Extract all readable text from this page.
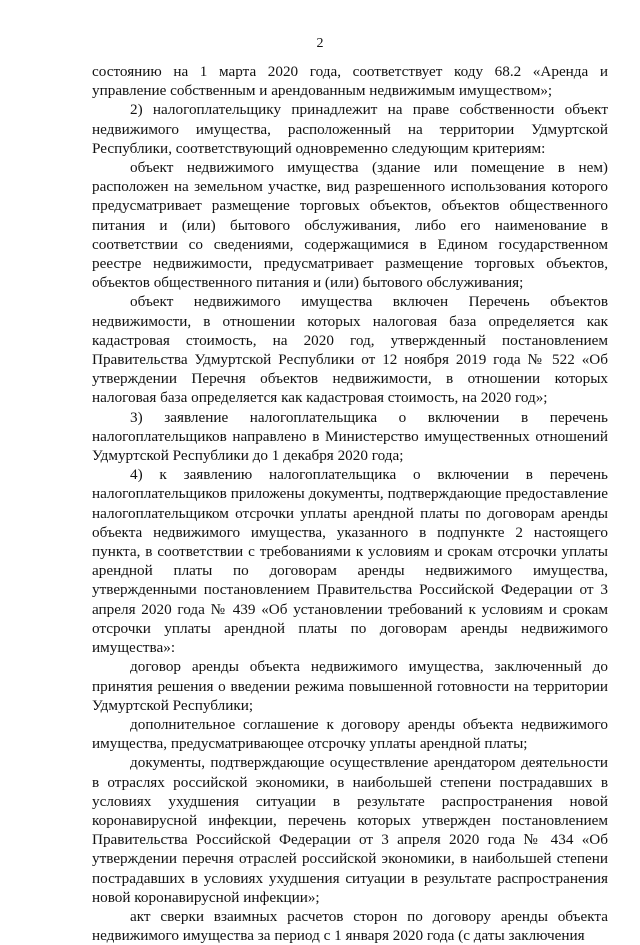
2

состоянию на 1 марта 2020 года, соответствует коду 68.2 «Аренда и управление собственным и арендованным недвижимым имуществом»;

2) налогоплательщику принадлежит на праве собственности объект недвижимого имущества, расположенный на территории Удмуртской Республики, соответствующий одновременно следующим критериям:

объект недвижимого имущества (здание или помещение в нем) расположен на земельном участке, вид разрешенного использования которого предусматривает размещение торговых объектов, объектов общественного питания и (или) бытового обслуживания, либо его наименование в соответствии со сведениями, содержащимися в Едином государственном реестре недвижимости, предусматривает размещение торговых объектов, объектов общественного питания и (или) бытового обслуживания;

объект недвижимого имущества включен Перечень объектов недвижимости, в отношении которых налоговая база определяется как кадастровая стоимость, на 2020 год, утвержденный постановлением Правительства Удмуртской Республики от 12 ноября 2019 года № 522 «Об утверждении Перечня объектов недвижимости, в отношении которых налоговая база определяется как кадастровая стоимость, на 2020 год»;

3) заявление налогоплательщика о включении в перечень налогоплательщиков направлено в Министерство имущественных отношений Удмуртской Республики до 1 декабря 2020 года;

4) к заявлению налогоплательщика о включении в перечень налогоплательщиков приложены документы, подтверждающие предоставление налогоплательщиком отсрочки уплаты арендной платы по договорам аренды объекта недвижимого имущества, указанного в подпункте 2 настоящего пункта, в соответствии с требованиями к условиям и срокам отсрочки уплаты арендной платы по договорам аренды недвижимого имущества, утвержденными постановлением Правительства Российской Федерации от 3 апреля 2020 года № 439 «Об установлении требований к условиям и срокам отсрочки уплаты арендной платы по договорам аренды недвижимого имущества»:

договор аренды объекта недвижимого имущества, заключенный до принятия решения о введении режима повышенной готовности на территории Удмуртской Республики;

дополнительное соглашение к договору аренды объекта недвижимого имущества, предусматривающее отсрочку уплаты арендной платы;

документы, подтверждающие осуществление арендатором деятельности в отраслях российской экономики, в наибольшей степени пострадавших в условиях ухудшения ситуации в результате распространения новой коронавирусной инфекции, перечень которых утвержден постановлением Правительства Российской Федерации от 3 апреля 2020 года № 434 «Об утверждении перечня отраслей российской экономики, в наибольшей степени пострадавших в условиях ухудшения ситуации в результате распространения новой коронавирусной инфекции»;

акт сверки взаимных расчетов сторон по договору аренды объекта недвижимого имущества за период с 1 января 2020 года (с даты заключения
